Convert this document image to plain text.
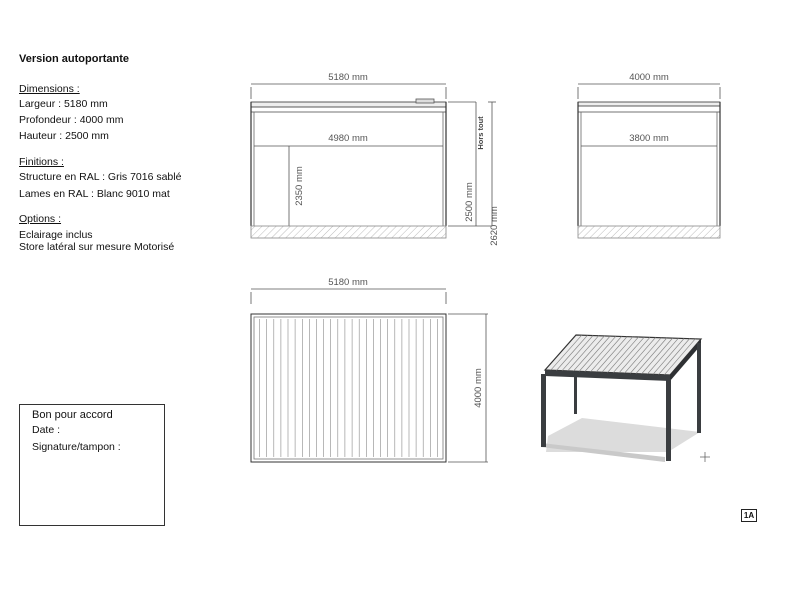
Version autoportante
Dimensions :
Largeur : 5180 mm
Profondeur : 4000 mm
Hauteur : 2500 mm
Finitions :
Structure en RAL : Gris 7016 sablé
Lames en RAL : Blanc 9010 mat
Options :
Eclairage inclus
Store latéral sur mesure Motorisé
Bon pour accord
Date :
Signature/tampon :
1A
5180 mm
4980 mm
2350 mm
Hors tout
2500 mm
2620 mm
4000 mm
3800 mm
5180 mm
4000 mm
